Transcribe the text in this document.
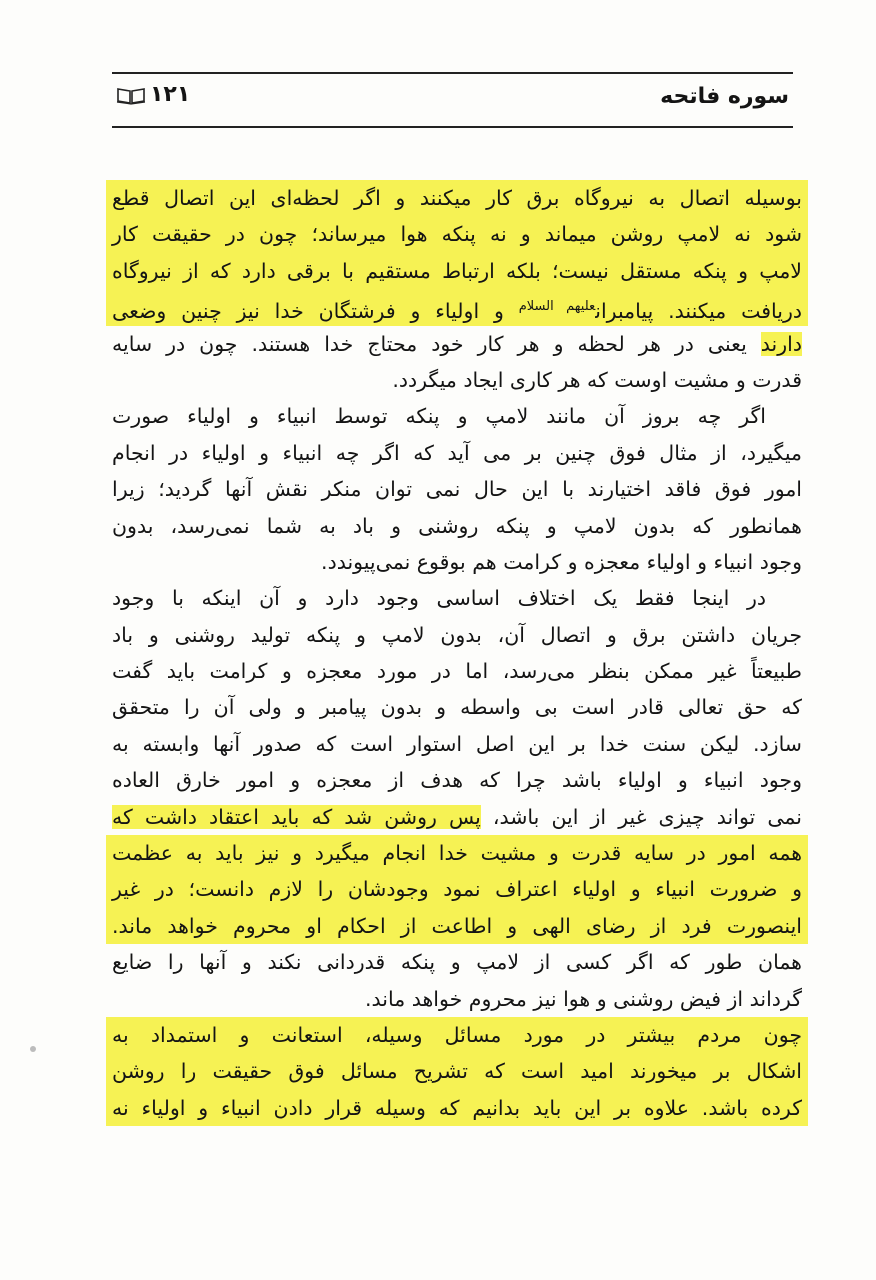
سوره فاتحه
۱۲۱
بوسیله اتصال به نیروگاه برق کار میکنند و اگر لحظه‌ای این اتصال قطع
شود نه لامپ روشن میماند و نه پنکه هوا میرساند؛ چون در حقیقت کار
لامپ و پنکه مستقل نیست؛ بلکه ارتباط مستقیم با برقی دارد که از نیروگاه
دریافت میکنند. پیامبران$^{علیهم السلام}$ و اولیاء و فرشتگان خدا نیز چنین وضعی
دارند یعنی در هر لحظه و هر کار خود محتاج خدا هستند. چون در سایه
قدرت و مشیت اوست که هر کاری ایجاد میگردد.
اگر چه بروز آن مانند لامپ و پنکه توسط انبیاء و اولیاء صورت
میگیرد، از مثال فوق چنین بر می آید که اگر چه انبیاء و اولیاء در انجام
امور فوق فاقد اختیارند با این حال نمی توان منکر نقش آنها گردید؛ زیرا
همانطور که بدون لامپ و پنکه روشنی و باد به شما نمی‌رسد، بدون
وجود انبیاء و اولیاء معجزه و کرامت هم بوقوع نمی‌پیوندد.
در اینجا فقط یک اختلاف اساسی وجود دارد و آن اینکه با وجود
جریان داشتن برق و اتصال آن، بدون لامپ و پنکه تولید روشنی و باد
طبیعتاً غیر ممکن بنظر می‌رسد، اما در مورد معجزه و کرامت باید گفت
که حق تعالی قادر است بی واسطه و بدون پیامبر و ولی آن را متحقق
سازد. لیکن سنت خدا بر این اصل استوار است که صدور آنها وابسته به
وجود انبیاء و اولیاء باشد چرا که هدف از معجزه و امور خارق العاده
نمی تواند چیزی غیر از این باشد، پس روشن شد که باید اعتقاد داشت که
همه امور در سایه قدرت و مشیت خدا انجام میگیرد و نیز باید به عظمت
و ضرورت انبیاء و اولیاء اعتراف نمود وجودشان را لازم دانست؛ در غیر
اینصورت فرد از رضای الهی و اطاعت از احکام او محروم خواهد ماند.
همان طور که اگر کسی از لامپ و پنکه قدردانی نکند و آنها را ضایع
گرداند از فیض روشنی و هوا نیز محروم خواهد ماند.
چون مردم بیشتر در مورد مسائل وسیله، استعانت و استمداد به
اشکال بر میخورند امید است که تشریح مسائل فوق حقیقت را روشن
کرده باشد. علاوه بر این باید بدانیم که وسیله قرار دادن انبیاء و اولیاء نه
